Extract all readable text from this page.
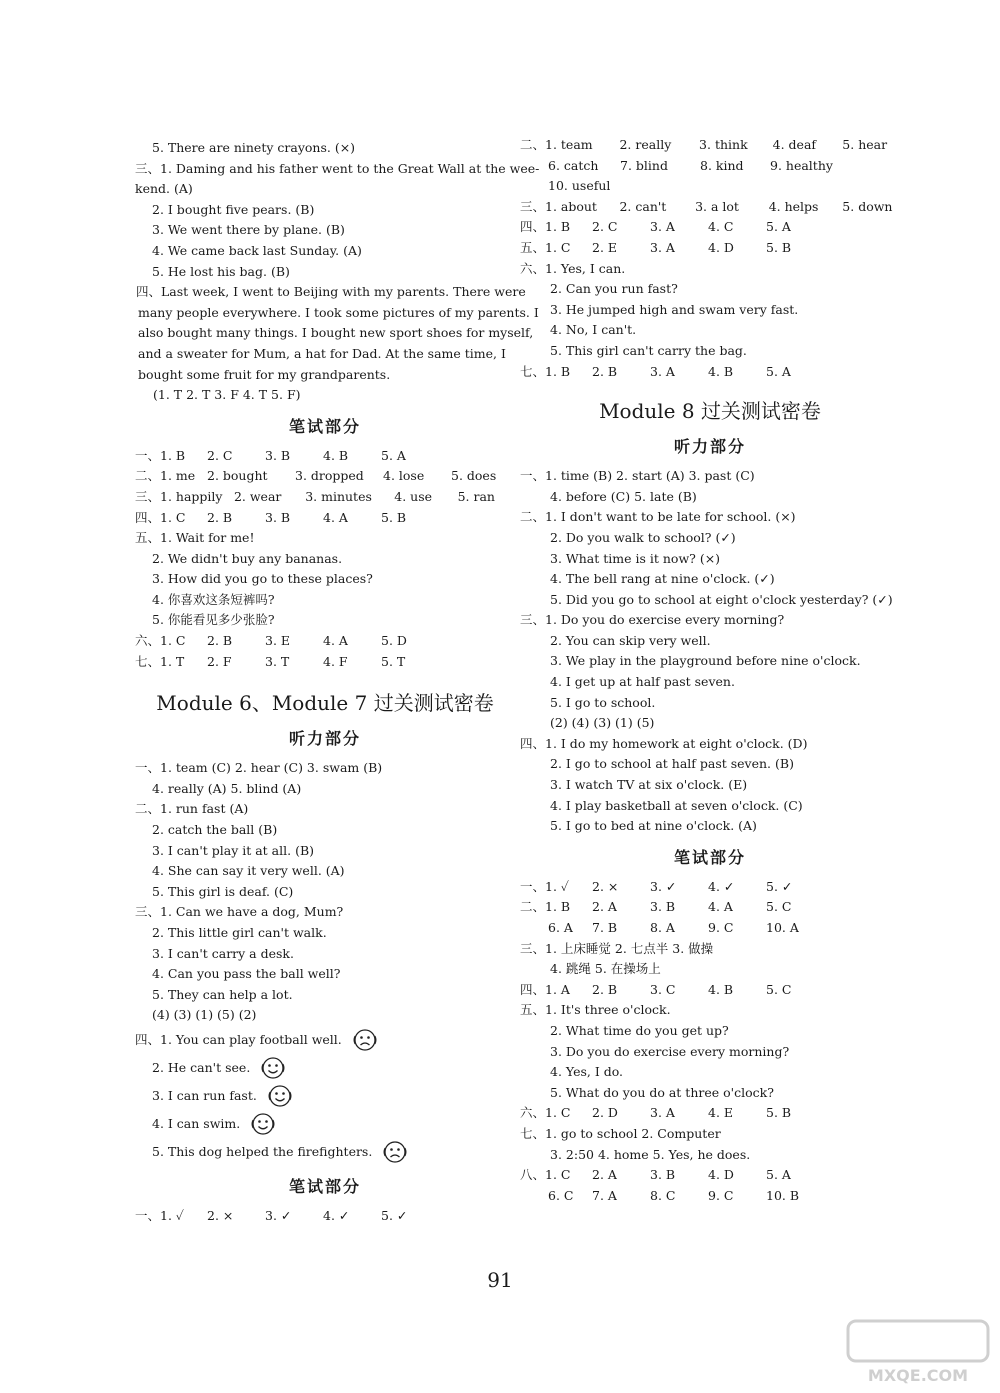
5. There are ninety crayons. (×)
三、1. Daming and his father went to the Great Wall at the wee-
kend. (A)
2. I bought five pears. (B)
3. We went there by plane. (B)
4. We came back last Sunday. (A)
5. He lost his bag. (B)
四、Last week, I went to Beijing with my parents. There were
many people everywhere. I took some pictures of my parents. I
also bought many things. I bought new sport shoes for myself,
and a sweater for Mum, a hat for Dad. At the same time, I
bought some fruit for my grandparents.
(1. T 2. T 3. F 4. T 5. F)
笔试部分
一、1. B	2. C	3. B	4. B	5. A
二、1. me 2. bought	3. dropped	4. lose	5. does
三、1. happily 2. wear	3. minutes	4. use	5. ran
四、1. C	2. B	3. B	4. A	5. B
五、1. Wait for me!
2. We didn't buy any bananas.
3. How did you go to these places?
4. 你喜欢这条短裤吗?
5. 你能看见多少张脸?
六、1. C	2. B	3. E	4. A	5. D
七、1. T	2. F	3. T	4. F	5. T
Module 6、Module 7 过关测试密卷
听力部分
一、1. team (C) 2. hear (C) 3. swam (B)
4. really (A) 5. blind (A)
二、1. run fast (A)
2. catch the ball (B)
3. I can't play it at all. (B)
4. She can say it very well. (A)
5. This girl is deaf. (C)
三、1. Can we have a dog, Mum?
2. This little girl can't walk.
3. I can't carry a desk.
4. Can you pass the ball well?
5. They can help a lot.
(4) (3) (1) (5) (2)
四、1. You can play football well.
2. He can't see.
3. I can run fast.
4. I can swim.
5. This dog helped the firefighters.
笔试部分
一、1. ✓	2. ×	3. ✓	4. ✓	5. ✓
二、1. team	2. really	3. think	4. deaf	5. hear
6. catch	7. blind	8. kind	9. healthy
10. useful
三、1. about	2. can't	3. a lot	4. helps	5. down
四、1. B	2. C	3. A	4. C	5. A
五、1. C	2. E	3. A	4. D	5. B
六、1. Yes, I can.
2. Can you run fast?
3. He jumped high and swam very fast.
4. No, I can't.
5. This girl can't carry the bag.
七、1. B	2. B	3. A	4. B	5. A
Module 8 过关测试密卷
听力部分
一、1. time (B) 2. start (A) 3. past (C)
4. before (C) 5. late (B)
二、1. I don't want to be late for school. (×)
2. Do you walk to school? (✓)
3. What time is it now? (×)
4. The bell rang at nine o'clock. (✓)
5. Did you go to school at eight o'clock yesterday? (✓)
三、1. Do you do exercise every morning?
2. You can skip very well.
3. We play in the playground before nine o'clock.
4. I get up at half past seven.
5. I go to school.
(2) (4) (3) (1) (5)
四、1. I do my homework at eight o'clock. (D)
2. I go to school at half past seven. (B)
3. I watch TV at six o'clock. (E)
4. I play basketball at seven o'clock. (C)
5. I go to bed at nine o'clock. (A)
笔试部分
一、1. ✓	2. ×	3. ✓	4. ✓	5. ✓
二、1. B	2. A	3. B	4. A	5. C
6. A	7. B	8. A	9. C	10. A
三、1. 上床睡觉 2. 七点半 3. 做操
4. 跳绳 5. 在操场上
四、1. A	2. B	3. C	4. B	5. C
五、1. It's three o'clock.
2. What time do you get up?
3. Do you do exercise every morning?
4. Yes, I do.
5. What do you do at three o'clock?
六、1. C	2. D	3. A	4. E	5. B
七、1. go to school 2. Computer
3. 2:50 4. home 5. Yes, he does.
八、1. C	2. A	3. B	4. D	5. A
6. C	7. A	8. C	9. C	10. B
91
MXQE.COM
